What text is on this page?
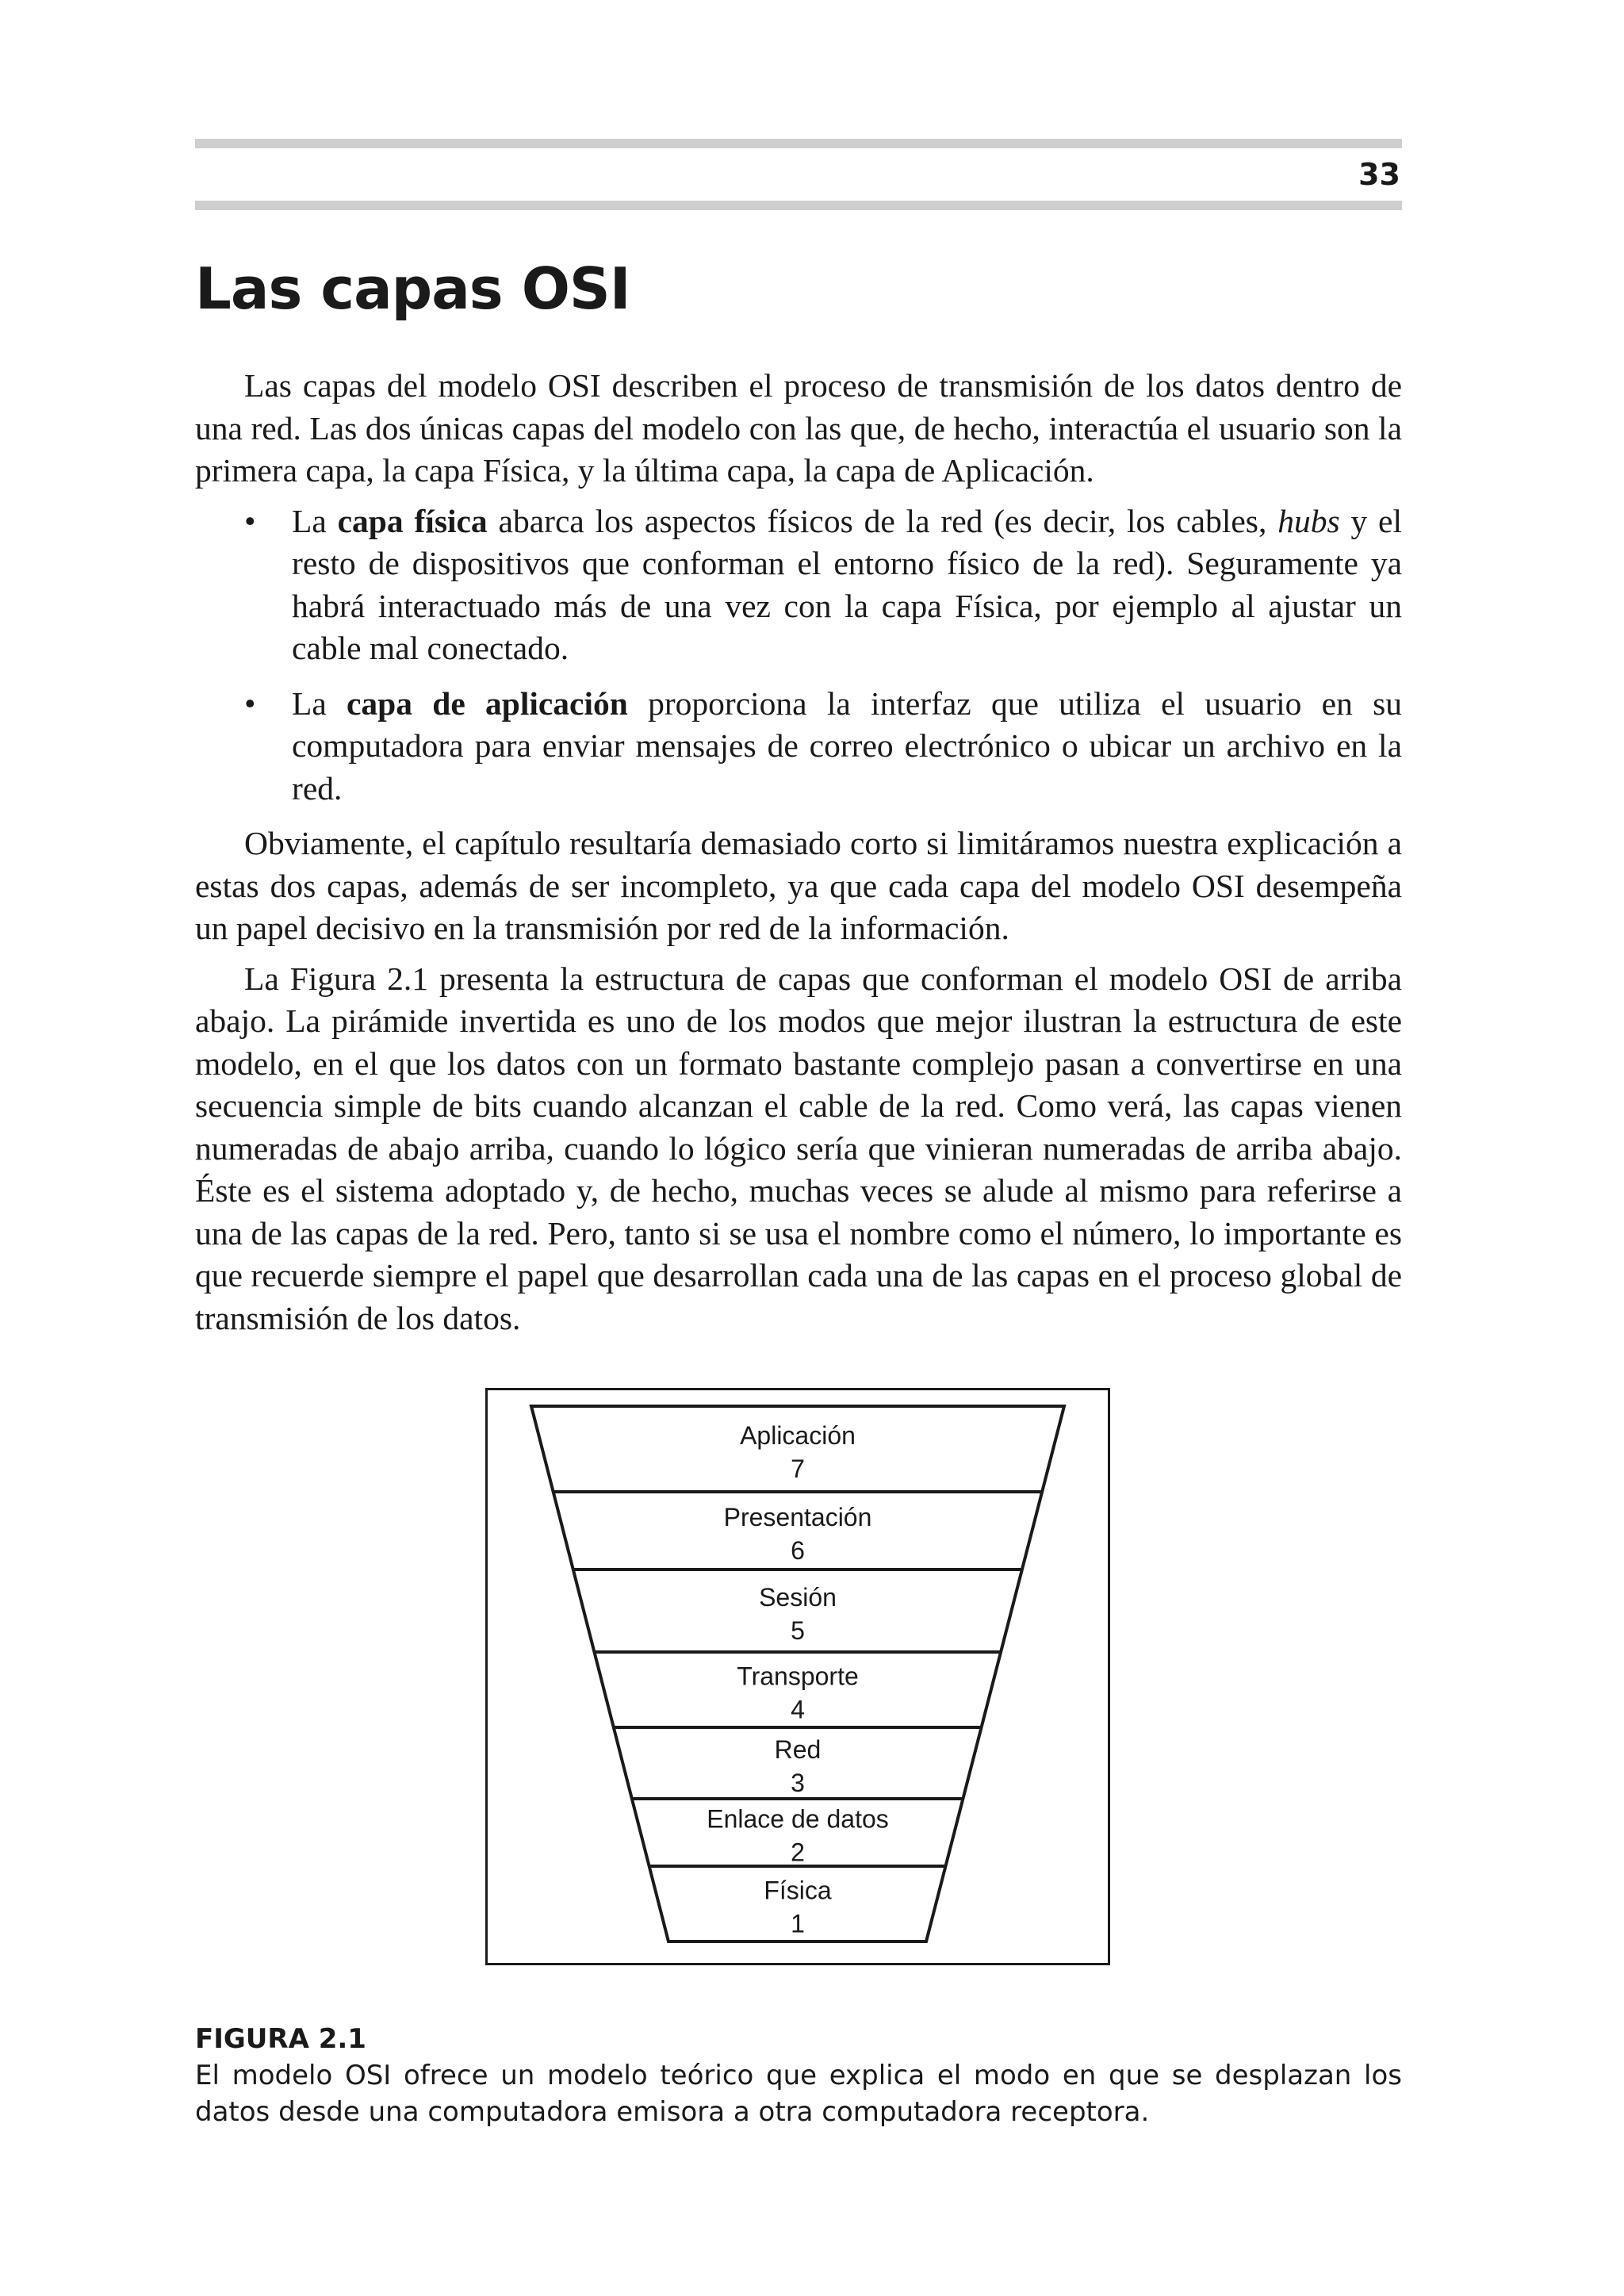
33
Las capas OSI

Las capas del modelo OSI describen el proceso de transmisión de los datos dentro de una red. Las dos únicas capas del modelo con las que, de hecho, interactúa el usuario son la primera capa, la capa Física, y la última capa, la capa de Aplicación.

• La capa física abarca los aspectos físicos de la red (es decir, los cables, hubs y el resto de dispositivos que conforman el entorno físico de la red). Seguramente ya habrá interactuado más de una vez con la capa Física, por ejemplo al ajustar un cable mal conectado.
• La capa de aplicación proporciona la interfaz que utiliza el usuario en su computadora para enviar mensajes de correo electrónico o ubicar un archivo en la red.

Obviamente, el capítulo resultaría demasiado corto si limitáramos nuestra explicación a estas dos capas, además de ser incompleto, ya que cada capa del modelo OSI desempeña un papel decisivo en la transmisión por red de la información.

La Figura 2.1 presenta la estructura de capas que conforman el modelo OSI de arriba abajo. La pirámide invertida es uno de los modos que mejor ilustran la estructura de este modelo, en el que los datos con un formato bastante complejo pasan a convertirse en una secuencia simple de bits cuando alcanzan el cable de la red. Como verá, las capas vienen numeradas de abajo arriba, cuando lo lógico sería que vinieran numeradas de arriba abajo. Éste es el sistema adoptado y, de hecho, muchas veces se alude al mismo para referirse a una de las capas de la red. Pero, tanto si se usa el nombre como el número, lo importante es que recuerde siempre el papel que desarrollan cada una de las capas en el proceso global de transmisión de los datos.

Aplicación
7
Presentación
6
Sesión
5
Transporte
4
Red
3
Enlace de datos
2
Física
1
FIGURA 2.1
El modelo OSI ofrece un modelo teórico que explica el modo en que se desplazan los datos desde una computadora emisora a otra computadora receptora.
